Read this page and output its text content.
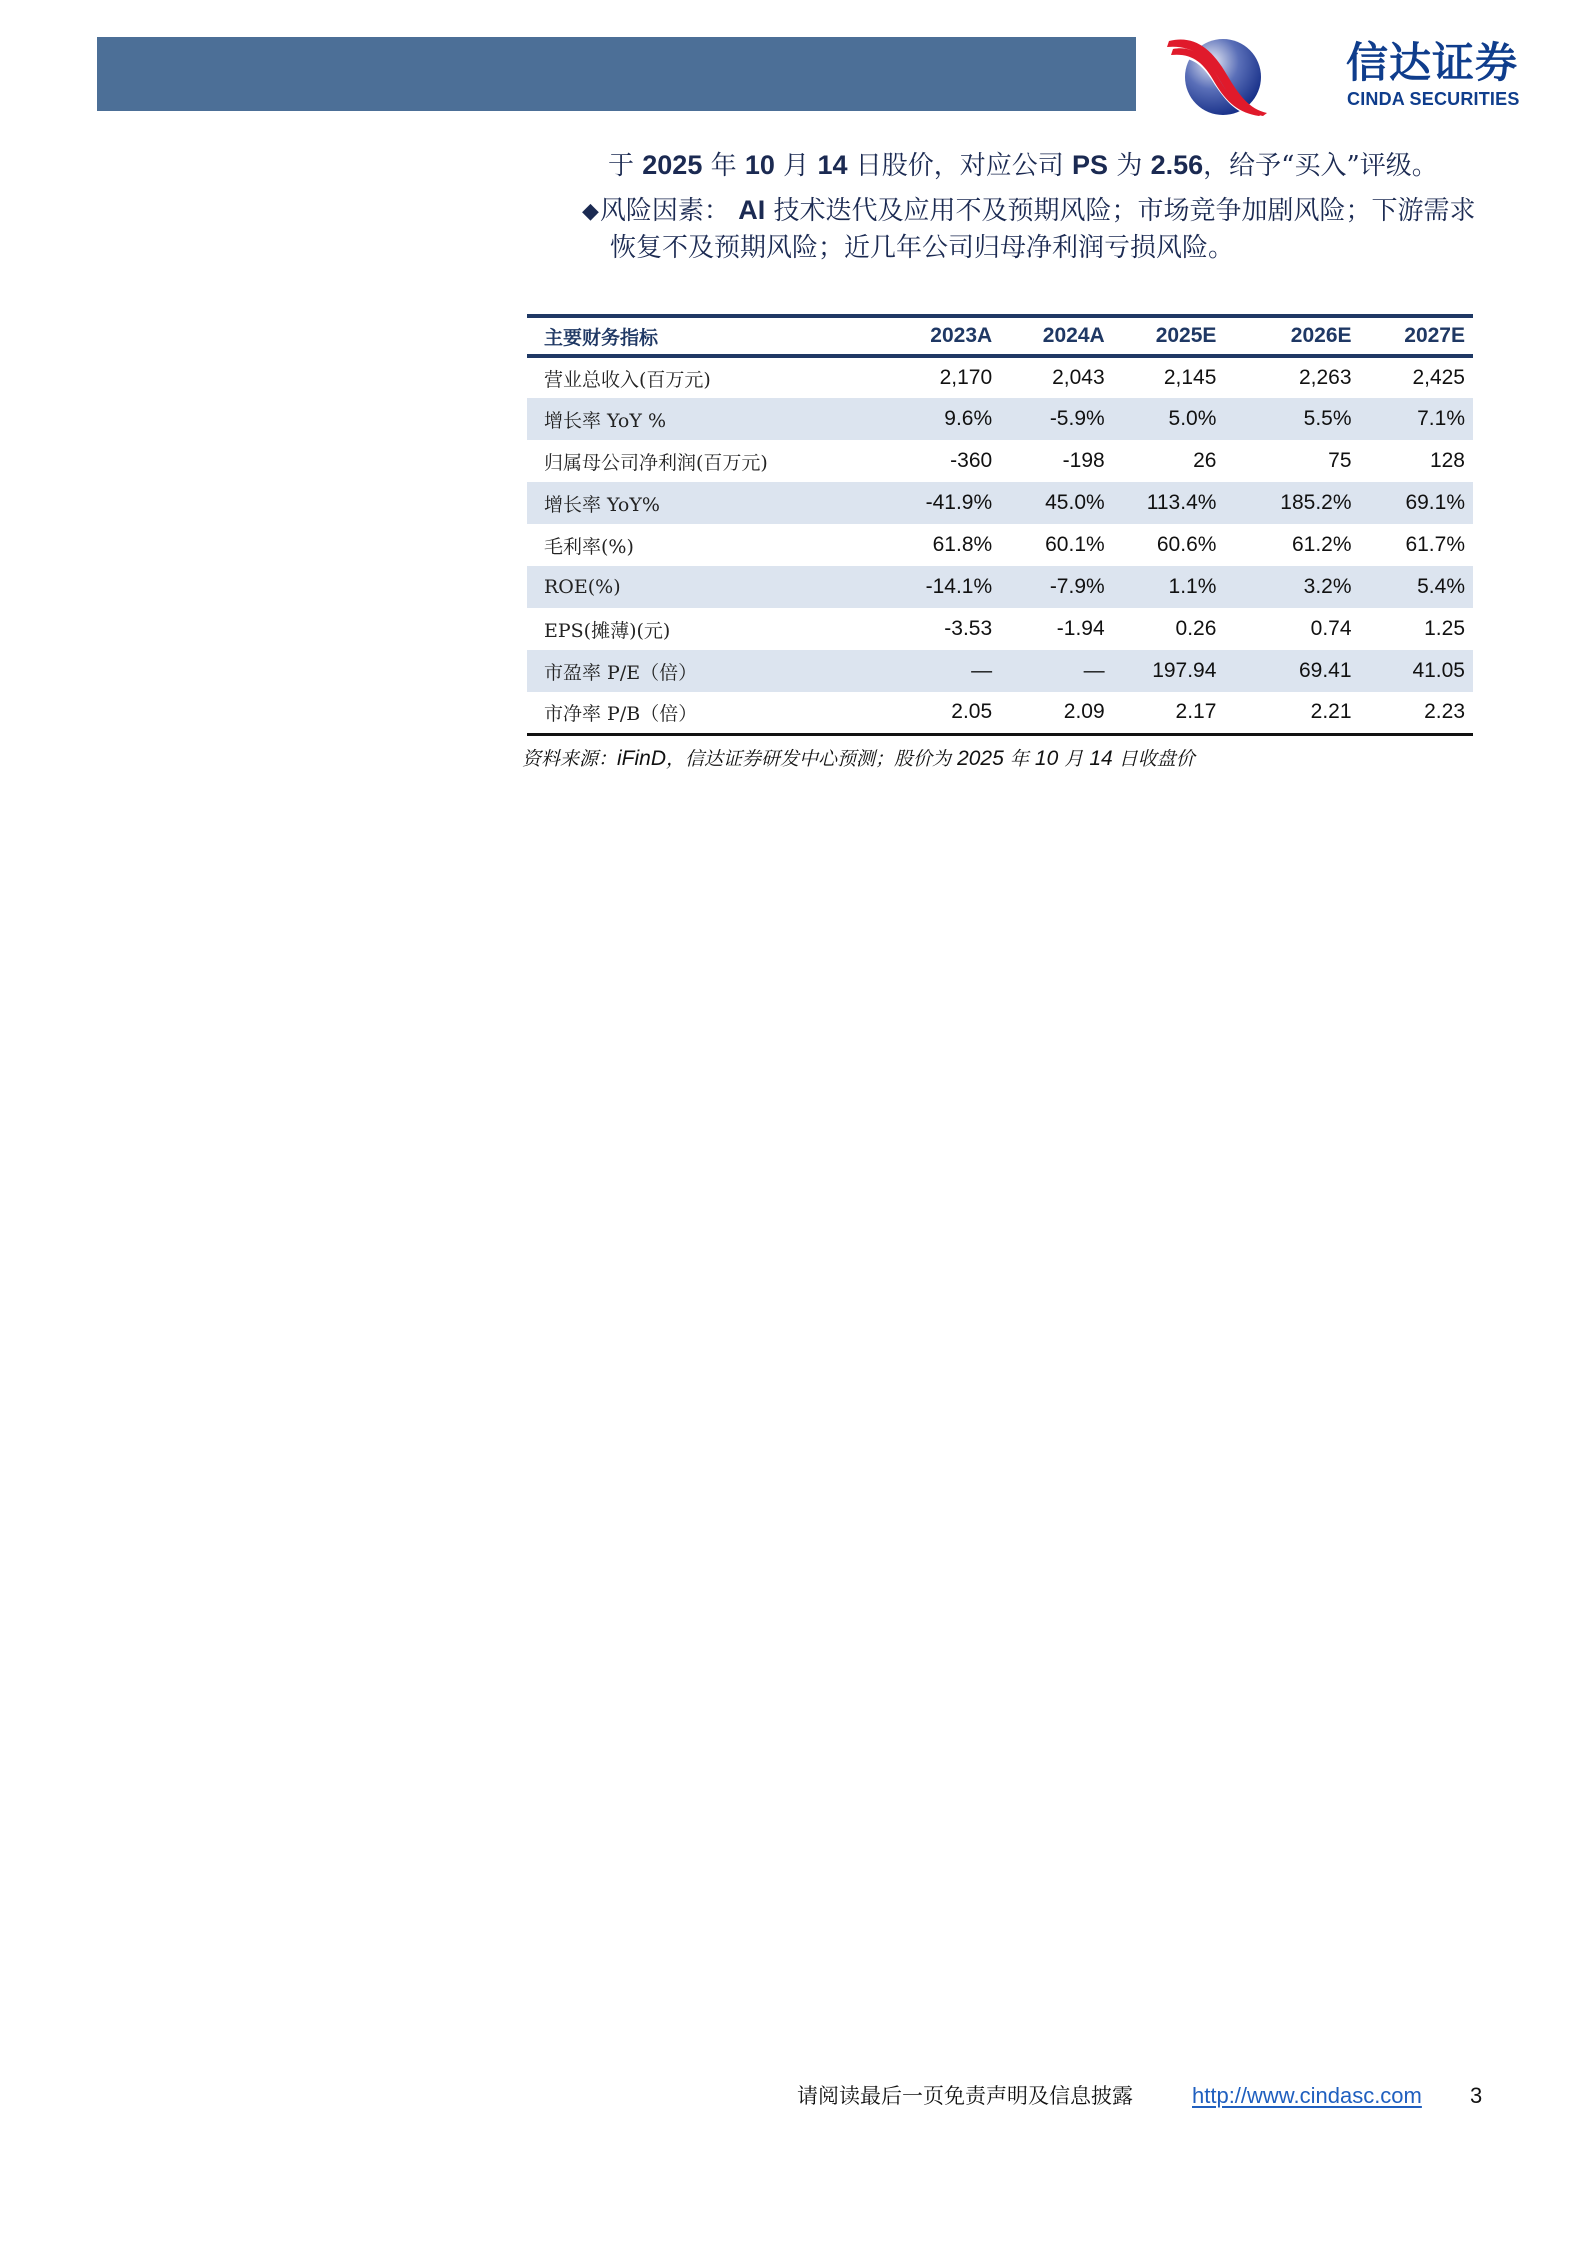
信达证券
CINDA SECURITIES
于 2025 年 10 月 14 日股价，对应公司 PS 为 2.56，给予“买入”评级。
◆风险因素： AI 技术迭代及应用不及预期风险；市场竞争加剧风险；下游需求
恢复不及预期风险；近几年公司归母净利润亏损风险。
主要财务指标	2023A	2024A	2025E	2026E	2027E
营业总收入(百万元)	2,170	2,043	2,145	2,263	2,425
增长率 YoY %	9.6%	-5.9%	5.0%	5.5%	7.1%
归属母公司净利润(百万元)	-360	-198	26	75	128
增长率 YoY%	-41.9%	45.0%	113.4%	185.2%	69.1%
毛利率(%)	61.8%	60.1%	60.6%	61.2%	61.7%
ROE(%)	-14.1%	-7.9%	1.1%	3.2%	5.4%
EPS(摊薄)(元)	-3.53	-1.94	0.26	0.74	1.25
市盈率 P/E（倍）	—	—	197.94	69.41	41.05
市净率 P/B（倍）	2.05	2.09	2.17	2.21	2.23
资料来源：iFinD，信达证券研发中心预测；股价为 2025 年 10 月 14 日收盘价
请阅读最后一页免责声明及信息披露	http://www.cindasc.com 3
